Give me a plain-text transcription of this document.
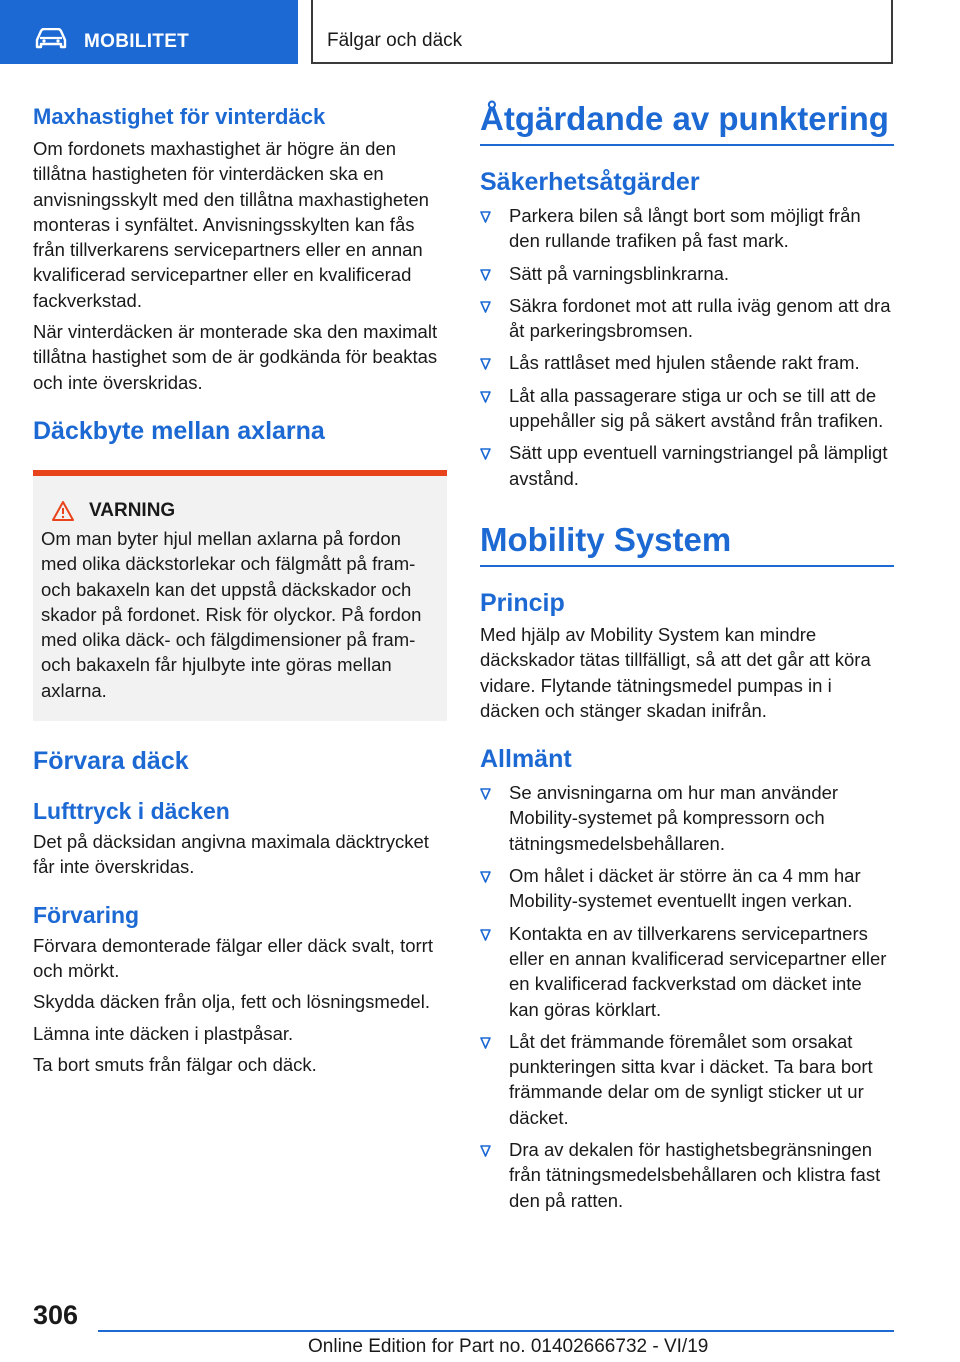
MOBILITET	Fälgar och däck
Maxhastighet för vinterdäck

Om fordonets maxhastighet är högre än den tillåtna hastigheten för vinterdäcken ska en anvisningsskylt med den tillåtna maxhastigheten monteras i synfältet. Anvisningsskylten kan fås från tillverkarens servicepartners eller en annan kvalificerad servicepartner eller en kvalificerad fackverkstad.

När vinterdäcken är monterade ska den maximalt tillåtna hastighet som de är godkända för beaktas och inte överskridas.

Däckbyte mellan axlarna
VARNING

Om man byter hjul mellan axlarna på fordon med olika däckstorlekar och fälgmått på fram- och bakaxeln kan det uppstå däckskador och skador på fordonet. Risk för olyckor. På fordon med olika däck- och fälgdimensioner på fram- och bakaxeln får hjulbyte inte göras mellan axlarna.

Förvara däck
Lufttryck i däcken

Det på däcksidan angivna maximala däcktrycket får inte överskridas.

Förvaring

Förvara demonterade fälgar eller däck svalt, torrt och mörkt.

Skydda däcken från olja, fett och lösningsmedel.

Lämna inte däcken i plastpåsar.

Ta bort smuts från fälgar och däck.

Åtgärdande av punktering
Säkerhetsåtgärder
Parkera bilen så långt bort som möjligt från den rullande trafiken på fast mark.
Sätt på varningsblinkrarna.
Säkra fordonet mot att rulla iväg genom att dra åt parkeringsbromsen.
Lås rattlåset med hjulen stående rakt fram.
Låt alla passagerare stiga ur och se till att de uppehåller sig på säkert avstånd från trafiken.
Sätt upp eventuell varningstriangel på lämpligt avstånd.
Mobility System
Princip

Med hjälp av Mobility System kan mindre däckskador tätas tillfälligt, så att det går att köra vidare. Flytande tätningsmedel pumpas in i däcken och stänger skadan inifrån.

Allmänt
Se anvisningarna om hur man använder Mobility-systemet på kompressorn och tätningsmedelsbehållaren.
Om hålet i däcket är större än ca 4 mm har Mobility-systemet eventuellt ingen verkan.
Kontakta en av tillverkarens servicepartners eller en annan kvalificerad servicepartner eller en kvalificerad fackverkstad om däcket inte kan göras körklart.
Låt det främmande föremålet som orsakat punkteringen sitta kvar i däcket. Ta bara bort främmande delar om de synligt sticker ut ur däcket.
Dra av dekalen för hastighetsbegränsningen från tätningsmedelsbehållaren och klistra fast den på ratten.
306
Online Edition for Part no. 01402666732 - VI/19
